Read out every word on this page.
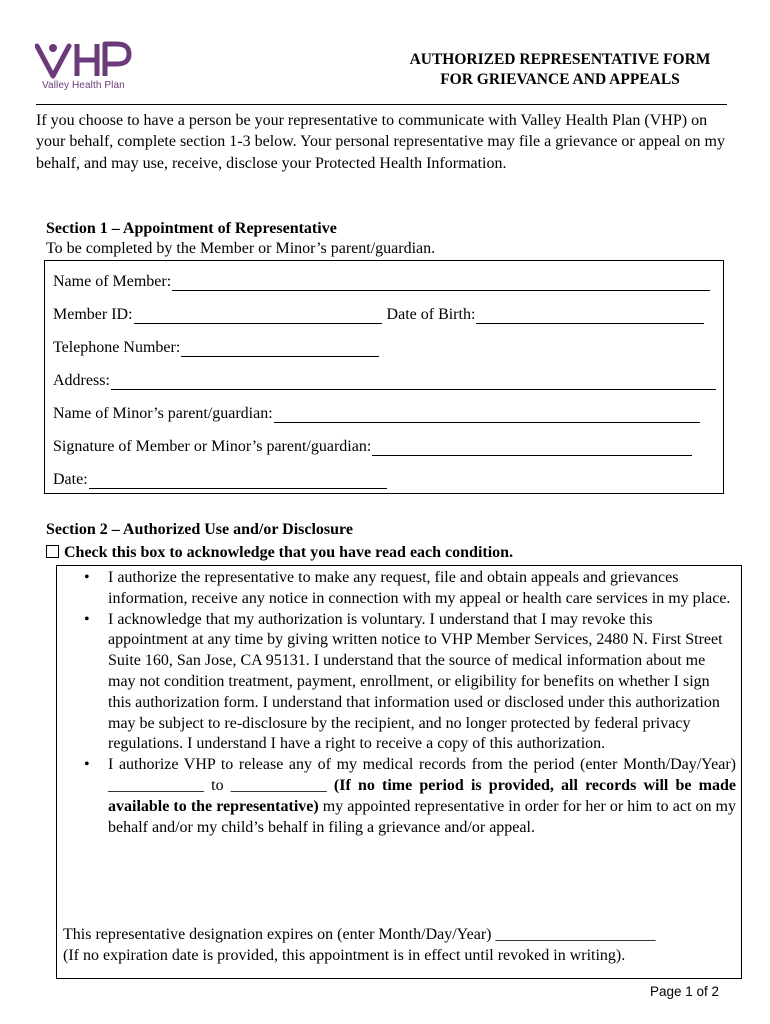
Valley Health Plan
AUTHORIZED REPRESENTATIVE FORM
FOR GRIEVANCE AND APPEALS
If you choose to have a person be your representative to communicate with Valley Health Plan (VHP) on your behalf, complete section 1-3 below. Your personal representative may file a grievance or appeal on my behalf, and may use, receive, disclose your Protected Health Information.
Section 1 – Appointment of Representative
To be completed by the Member or Minor’s parent/guardian.
Name of Member:
Member ID:	Date of Birth:
Telephone Number:
Address:
Name of Minor’s parent/guardian:
Signature of Member or Minor’s parent/guardian:
Date:
Section 2 – Authorized Use and/or Disclosure
Check this box to acknowledge that you have read each condition.
• I authorize the representative to make any request, file and obtain appeals and grievances information, receive any notice in connection with my appeal or health care services in my place.
• I acknowledge that my authorization is voluntary. I understand that I may revoke this appointment at any time by giving written notice to VHP Member Services, 2480 N. First Street Suite 160, San Jose, CA 95131. I understand that the source of medical information about me may not condition treatment, payment, enrollment, or eligibility for benefits on whether I sign this authorization form. I understand that information used or disclosed under this authorization may be subject to re-disclosure by the recipient, and no longer protected by federal privacy regulations. I understand I have a right to receive a copy of this authorization.
• I authorize VHP to release any of my medical records from the period (enter Month/Day/Year) ____________ to ____________ (If no time period is provided, all records will be made available to the representative) my appointed representative in order for her or him to act on my behalf and/or my child’s behalf in filing a grievance and/or appeal.
This representative designation expires on (enter Month/Day/Year) ____________________
(If no expiration date is provided, this appointment is in effect until revoked in writing).
Page 1 of 2
